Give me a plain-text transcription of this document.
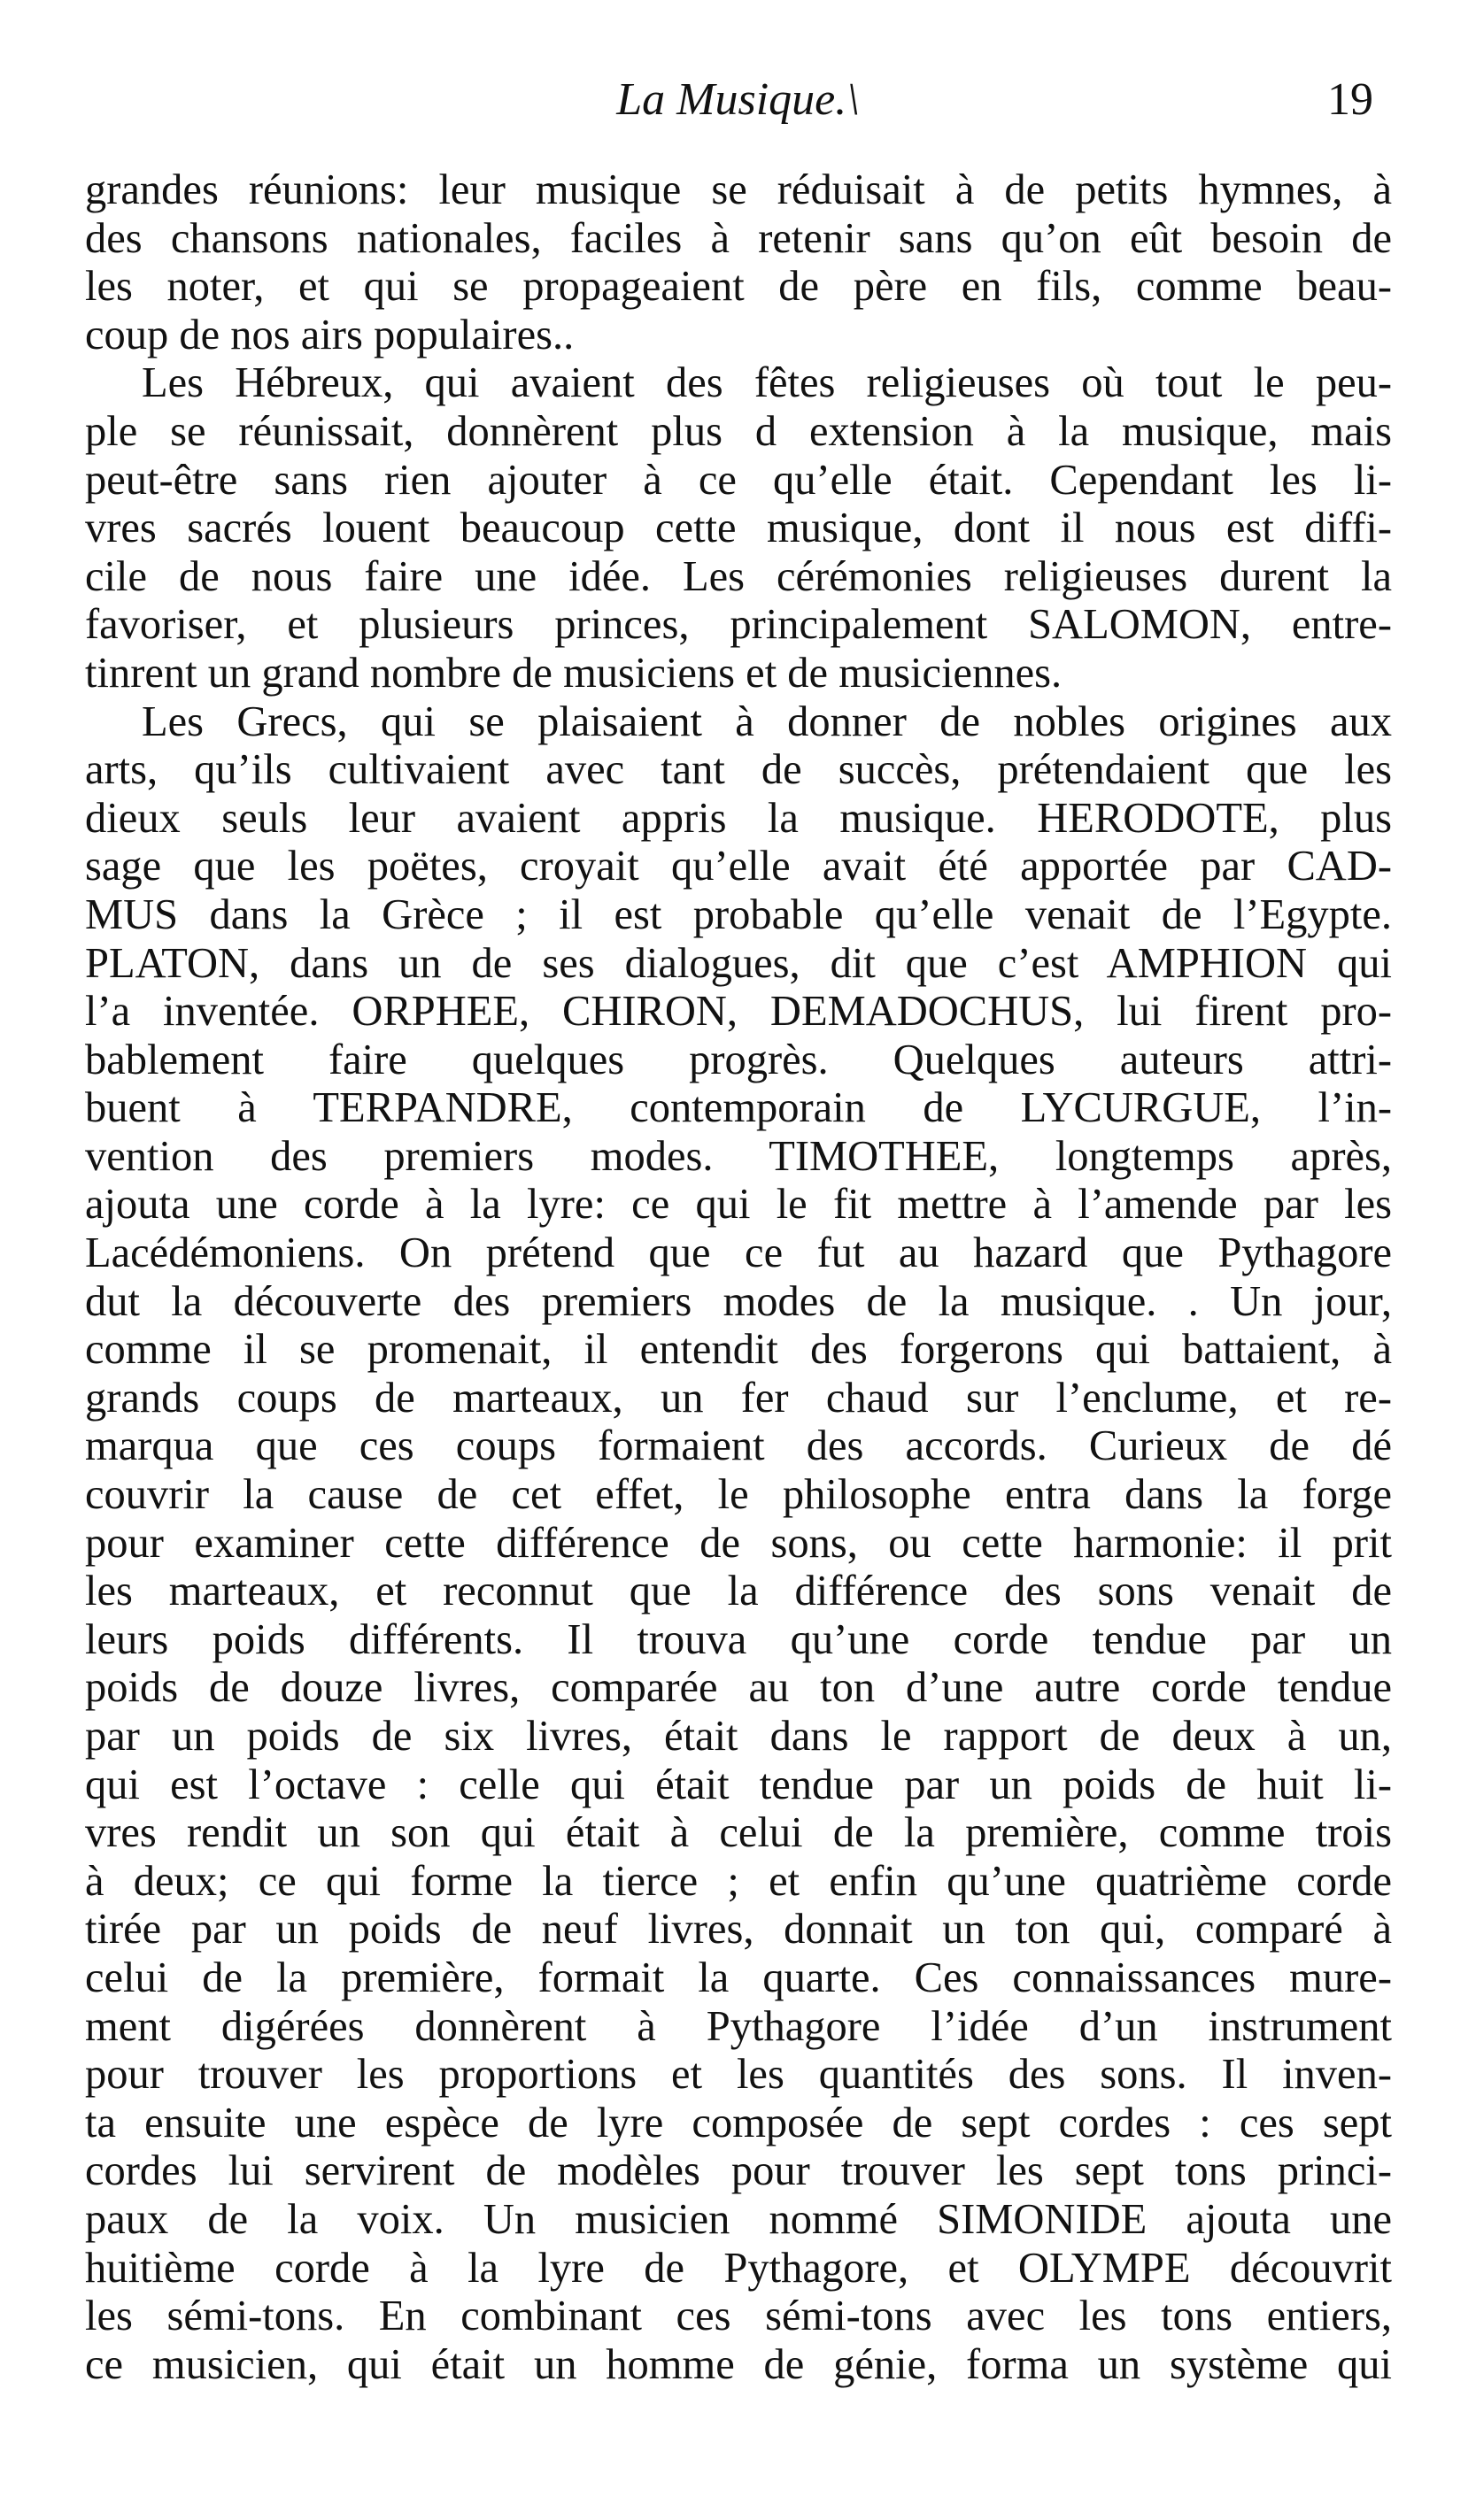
La Musique.\	19
grandes réunions: leur musique se réduisait à de petits hymnes, à
des chansons nationales, faciles à retenir sans qu’on eût besoin de
les noter, et qui se propageaient de père en fils, comme beau-
coup de nos airs populaires..
Les Hébreux, qui avaient des fêtes religieuses où tout le peu-
ple se réunissait, donnèrent plus d extension à la musique, mais
peut-être sans rien ajouter à ce qu’elle était. Cependant les li-
vres sacrés louent beaucoup cette musique, dont il nous est diffi-
cile de nous faire une idée. Les cérémonies religieuses durent la
favoriser, et plusieurs princes, principalement SALOMON, entre-
tinrent un grand nombre de musiciens et de musiciennes.
Les Grecs, qui se plaisaient à donner de nobles origines aux
arts, qu’ils cultivaient avec tant de succès, prétendaient que les
dieux seuls leur avaient appris la musique. HERODOTE, plus
sage que les poëtes, croyait qu’elle avait été apportée par CAD-
MUS dans la Grèce ; il est probable qu’elle venait de l’Egypte.
PLATON, dans un de ses dialogues, dit que c’est AMPHION qui
l’a inventée. ORPHEE, CHIRON, DEMADOCHUS, lui firent pro-
bablement faire quelques progrès. Quelques auteurs attri-
buent à TERPANDRE, contemporain de LYCURGUE, l’in-
vention des premiers modes. TIMOTHEE, longtemps après,
ajouta une corde à la lyre: ce qui le fit mettre à l’amende par les
Lacédémoniens. On prétend que ce fut au hazard que Pythagore
dut la découverte des premiers modes de la musique. . Un jour,
comme il se promenait, il entendit des forgerons qui battaient, à
grands coups de marteaux, un fer chaud sur l’enclume, et re-
marqua que ces coups formaient des accords. Curieux de dé
couvrir la cause de cet effet, le philosophe entra dans la forge
pour examiner cette différence de sons, ou cette harmonie: il prit
les marteaux, et reconnut que la différence des sons venait de
leurs poids différents. Il trouva qu’une corde tendue par un
poids de douze livres, comparée au ton d’une autre corde tendue
par un poids de six livres, était dans le rapport de deux à un,
qui est l’octave : celle qui était tendue par un poids de huit li-
vres rendit un son qui était à celui de la première, comme trois
à deux; ce qui forme la tierce ; et enfin qu’une quatrième corde
tirée par un poids de neuf livres, donnait un ton qui, comparé à
celui de la première, formait la quarte. Ces connaissances mure-
ment digérées donnèrent à Pythagore l’idée d’un instrument
pour trouver les proportions et les quantités des sons. Il inven-
ta ensuite une espèce de lyre composée de sept cordes : ces sept
cordes lui servirent de modèles pour trouver les sept tons princi-
paux de la voix. Un musicien nommé SIMONIDE ajouta une
huitième corde à la lyre de Pythagore, et OLYMPE découvrit
les sémi-tons. En combinant ces sémi-tons avec les tons entiers,
ce musicien, qui était un homme de génie, forma un système qui
